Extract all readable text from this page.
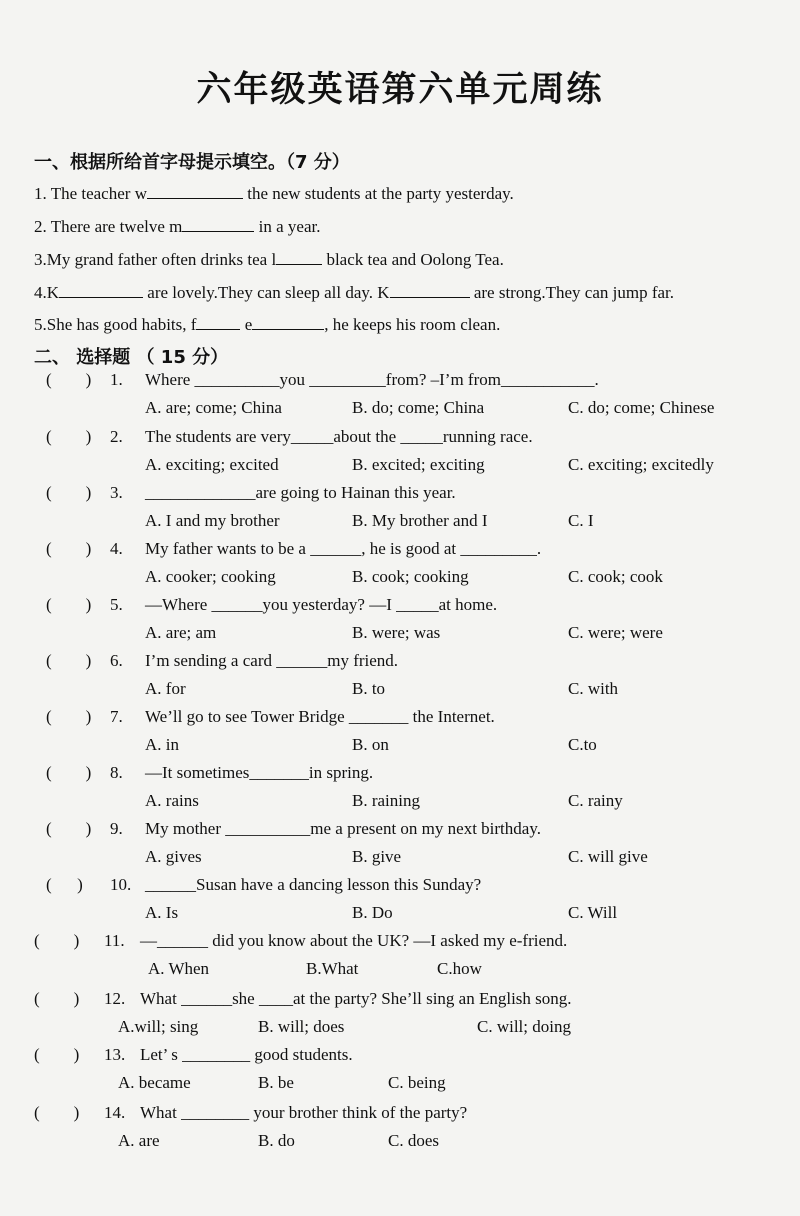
六年级英语第六单元周练
一、根据所给首字母提示填空。（7 分）
1. The teacher w	the new students at the party yesterday.
2. There are twelve m	in a year.
3.My grand father often drinks tea l	black tea and Oolong Tea.
4.K	are lovely.They can sleep all day. K	are strong.They can jump far.
5.She has good habits, f	e	, he keeps his room clean.
二、 选择题 （ 15 分）
(        ) 1. Where __________you _________from? –I’m from___________.
A. are; come; China	B. do; come; China	C. do; come; Chinese
(        ) 2. The students are very_____about the _____running race.
A. exciting; excited	B. excited; exciting	C. exciting; excitedly
(        ) 3. _____________are going to Hainan this year.
A. I and my brother	B. My brother and I	C. I
(        ) 4. My father wants to be a ______, he is good at _________.
A. cooker; cooking	B. cook; cooking	C. cook; cook
(        ) 5. —Where ______you yesterday? —I _____at home.
A. are; am	B. were; was	C. were; were
(        ) 6. I’m sending a card ______my friend.
A. for	B. to	C. with
(        ) 7. We’ll go to see Tower Bridge _______ the Internet.
A. in	B. on	C.to
(        ) 8. —It sometimes_______in spring.
A. rains	B. raining	C. rainy
(        ) 9. My mother __________me a present on my next birthday.
A. gives	B. give	C. will give
(      ) 10. ______Susan have a dancing lesson this Sunday?
A. Is	B. Do	C. Will
(        ) 11. —______ did you know about the UK? —I asked my e-friend.
A. When	B.What	C.how
(        ) 12. What ______she ____at the party? She’ll sing an English song.
A.will; sing	B. will; does	C. will; doing
(        ) 13. Let’ s ________ good students.
A. became	B. be	C. being
(        ) 14. What ________ your brother think of the party?
A. are	B. do	C. does
